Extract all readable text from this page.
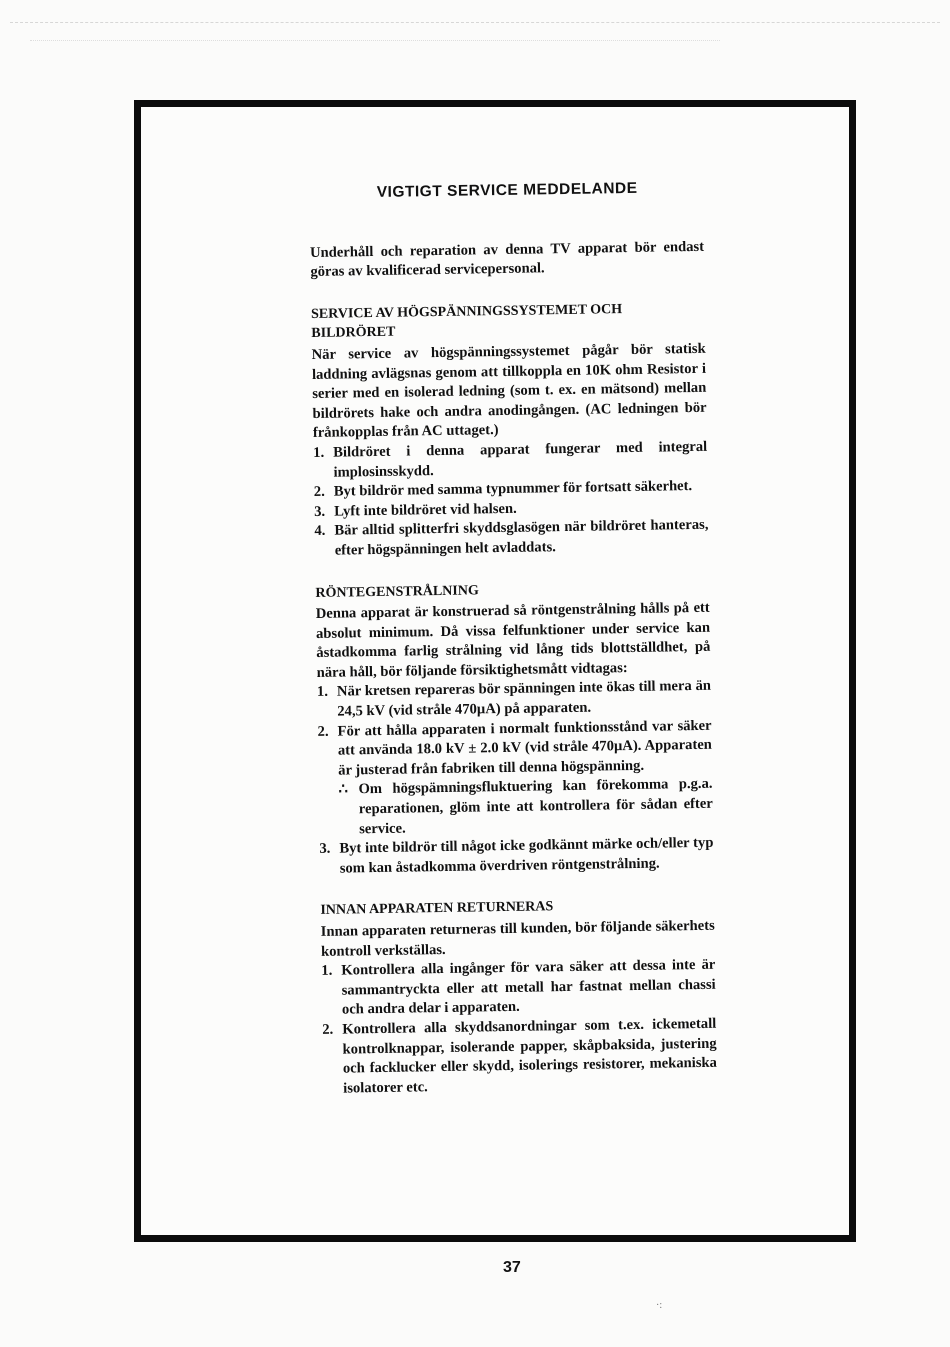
VIGTIGT SERVICE MEDDELANDE

Underhåll och reparation av denna TV apparat bör endast göras av kvalificerad servicepersonal.

SERVICE AV HÖGSPÄNNINGSSYSTEMET OCH BILDRÖRET

När service av högspänningssystemet pågår bör statisk laddning avlägsnas genom att tillkoppla en 10K ohm Resistor i serier med en isolerad ledning (som t. ex. en mätsond) mellan bildrörets hake och andra anodingången. (AC ledningen bör frånkopplas från AC uttaget.)

1. Bildröret i denna apparat fungerar med integral implosinsskydd.
2. Byt bildrör med samma typnummer för fortsatt säkerhet.
3. Lyft inte bildröret vid halsen.
4. Bär alltid splitterfri skyddsglasögen när bildröret hanteras, efter högspänningen helt avladdats.
RÖNTEGENSTRÅLNING

Denna apparat är konstruerad så röntgenstrålning hålls på ett absolut minimum. Då vissa felfunktioner under service kan åstadkomma farlig strålning vid lång tids blottställdhet, på nära håll, bör följande försiktighetsmått vidtagas:

1. När kretsen repareras bör spänningen inte ökas till mera än 24,5 kV (vid stråle 470µA) på apparaten.
2. För att hålla apparaten i normalt funktionsstånd var säker att använda 18.0 kV ± 2.0 kV (vid stråle 470µA). Apparaten är justerad från fabriken till denna högspänning.
∴ Om högspämningsfluktuering kan förekomma p.g.a. reparationen, glöm inte att kontrollera för sådan efter service.
3. Byt inte bildrör till något icke godkännt märke och/eller typ som kan åstadkomma överdriven röntgenstrålning.
INNAN APPARATEN RETURNERAS

Innan apparaten returneras till kunden, bör följande säkerhets kontroll verkställas.

1. Kontrollera alla ingånger för vara säker att dessa inte är sammantryckta eller att metall har fastnat mellan chassi och andra delar i apparaten.
2. Kontrollera alla skyddsanordningar som t.ex. ickemetall kontrolknappar, isolerande papper, skåpbaksida, justering och facklucker eller skydd, isolerings resistorer, mekaniska isolatorer etc.
37
·:
